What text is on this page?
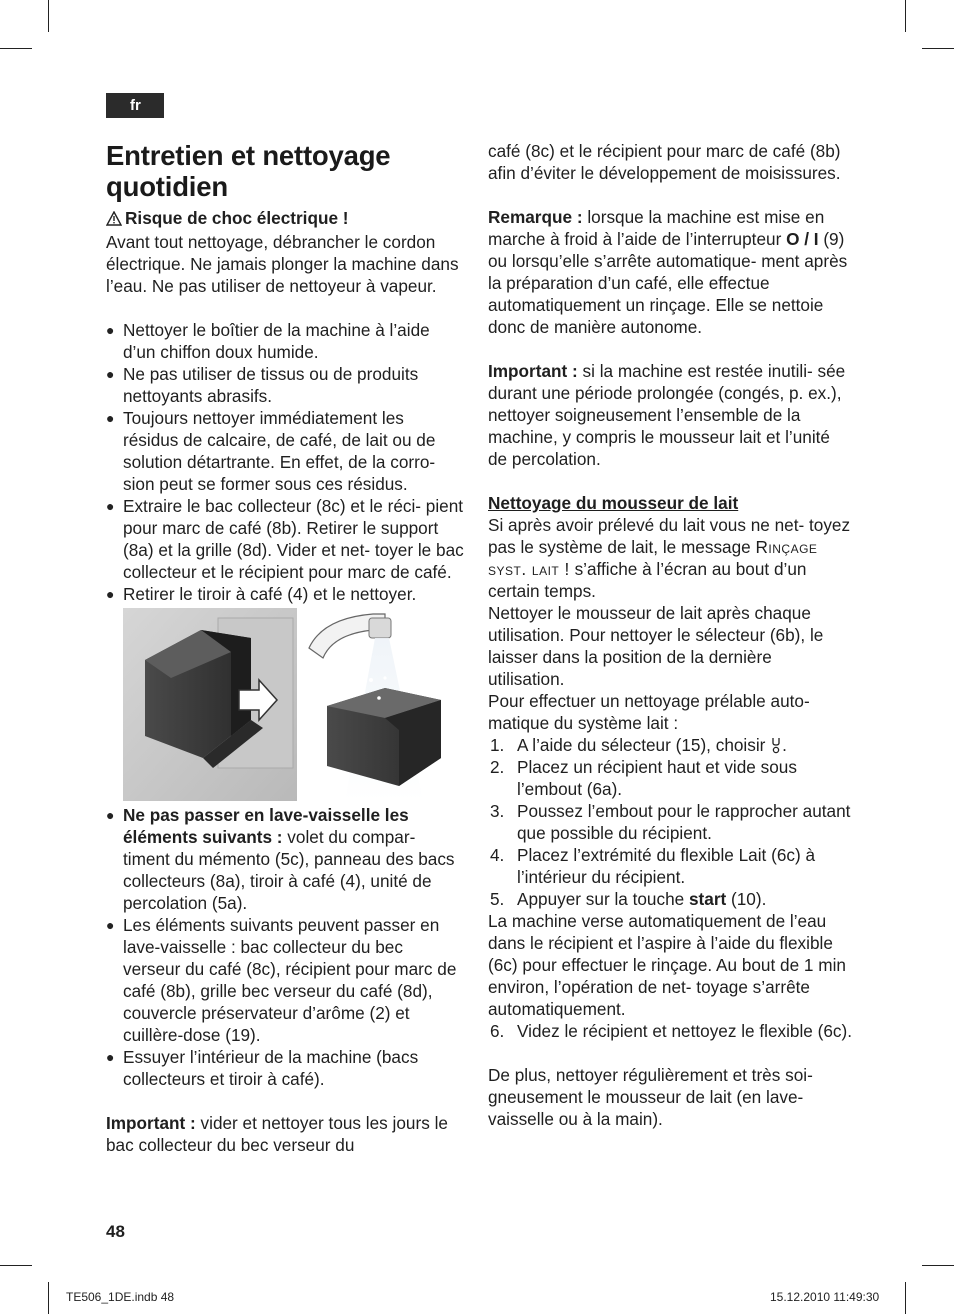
fr
Entretien et nettoyage
quotidien

Risque de choc électrique !

Avant tout nettoyage, débrancher le cordon électrique. Ne jamais plonger la machine dans l’eau. Ne pas utiliser de nettoyeur à vapeur.

● Nettoyer le boîtier de la machine à l’aide d’un chiffon doux humide.
● Ne pas utiliser de tissus ou de produits nettoyants abrasifs.
● Toujours nettoyer immédiatement les résidus de calcaire, de café, de lait ou de solution détartrante. En effet, de la corro- sion peut se former sous ces résidus.
● Extraire le bac collecteur (8c) et le réci- pient pour marc de café (8b). Retirer le support (8a) et la grille (8d). Vider et net- toyer le bac collecteur et le récipient pour marc de café.
● Retirer le tiroir à café (4) et le nettoyer.
● Ne pas passer en lave-vaisselle les éléments suivants : volet du compar- timent du mémento (5c), panneau des bacs collecteurs (8a), tiroir à café (4), unité de percolation (5a).
● Les éléments suivants peuvent passer en lave-vaisselle : bac collecteur du bec verseur du café (8c), récipient pour marc de café (8b), grille bec verseur du café (8d), couvercle préservateur d’arôme (2) et cuillère-dose (19).
● Essuyer l’intérieur de la machine (bacs collecteurs et tiroir à café).

Important : vider et nettoyer tous les jours le bac collecteur du bec verseur du

café (8c) et le récipient pour marc de café (8b) afin d’éviter le développement de moisissures.

Remarque : lorsque la machine est mise en marche à froid à l’aide de l’interrupteur O / I (9) ou lorsqu’elle s’arrête automatique- ment après la préparation d’un café, elle effectue automatiquement un rinçage. Elle se nettoie donc de manière autonome.

Important : si la machine est restée inutili- sée durant une période prolongée (congés, p. ex.), nettoyer soigneusement l’ensemble de la machine, y compris le mousseur lait et l’unité de percolation.

Nettoyage du mousseur de lait

Si après avoir prélevé du lait vous ne net- toyez pas le système de lait, le message Rinçage syst. lait ! s’affiche à l’écran au bout d’un certain temps.

Nettoyer le mousseur de lait après chaque utilisation. Pour nettoyer le sélecteur (6b), le laisser dans la position de la dernière utilisation.

Pour effectuer un nettoyage prélable auto- matique du système lait :

1. A l’aide du sélecteur (15), choisir .
2. Placez un récipient haut et vide sous l’embout (6a).
3. Poussez l’embout pour le rapprocher autant que possible du récipient.
4. Placez l’extrémité du flexible Lait (6c) à l’intérieur du récipient.
5. Appuyer sur la touche start (10).

La machine verse automatiquement de l’eau dans le récipient et l’aspire à l’aide du flexible (6c) pour effectuer le rinçage. Au bout de 1 min environ, l’opération de net- toyage s’arrête automatiquement.

6. Videz le récipient et nettoyez le flexible (6c).

De plus, nettoyer régulièrement et très soi- gneusement le mousseur de lait (en lave- vaisselle ou à la main).

48
TE506_1DE.indb 48	15.12.2010 11:49:30
